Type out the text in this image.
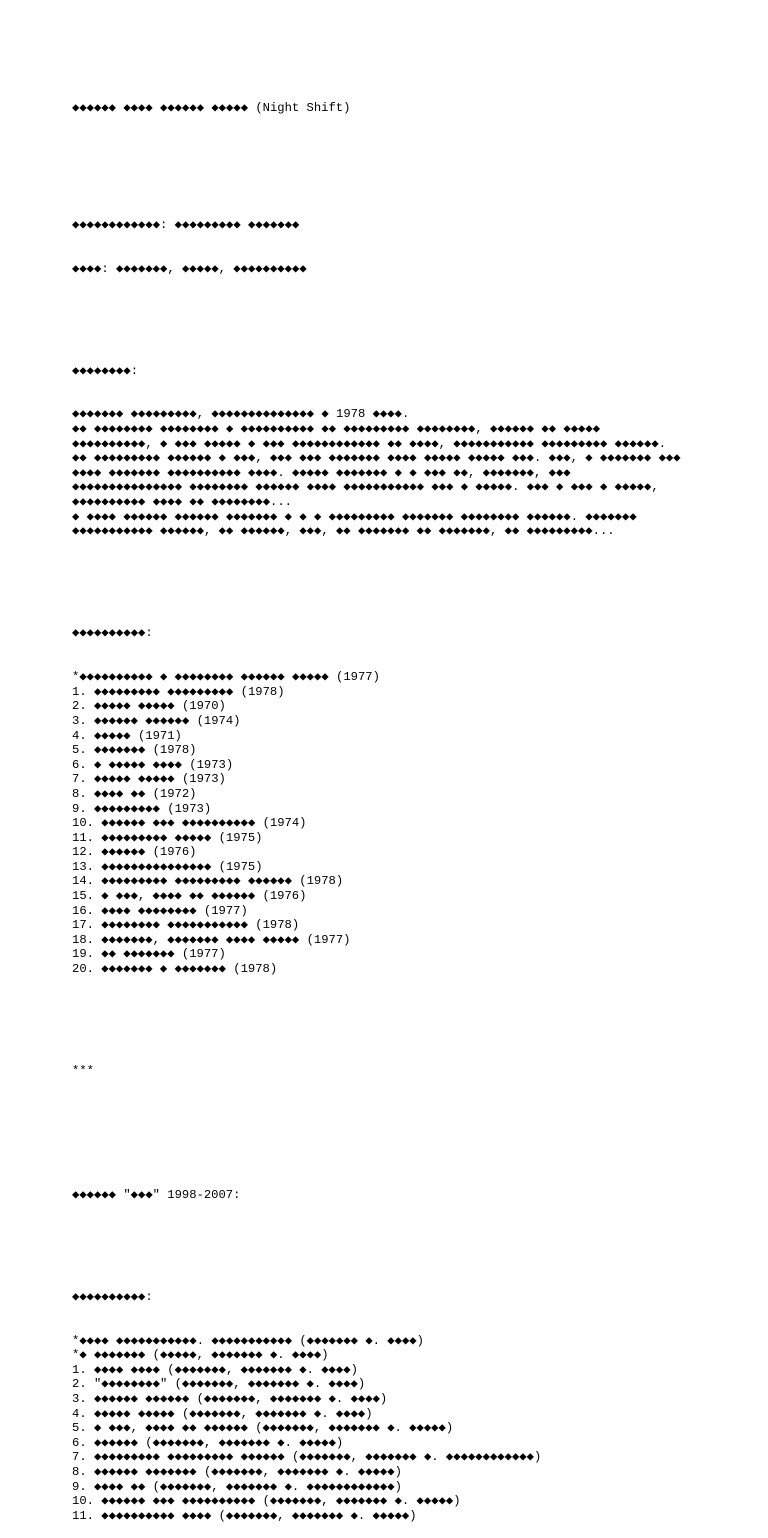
◆◆◆◆◆◆ ◆◆◆◆ ◆◆◆◆◆◆ ◆◆◆◆◆ (Night Shift)

◆◆◆◆◆◆◆◆◆◆◆◆: ◆◆◆◆◆◆◆◆◆ ◆◆◆◆◆◆◆

◆◆◆◆: ◆◆◆◆◆◆◆, ◆◆◆◆◆, ◆◆◆◆◆◆◆◆◆◆

◆◆◆◆◆◆◆◆:

◆◆◆◆◆◆◆ ◆◆◆◆◆◆◆◆◆, ◆◆◆◆◆◆◆◆◆◆◆◆◆◆ ◆ 1978 ◆◆◆◆.
◆◆ ◆◆◆◆◆◆◆◆ ◆◆◆◆◆◆◆◆ ◆ ◆◆◆◆◆◆◆◆◆◆ ◆◆ ◆◆◆◆◆◆◆◆◆ ◆◆◆◆◆◆◆◆, ◆◆◆◆◆◆ ◆◆ ◆◆◆◆◆
◆◆◆◆◆◆◆◆◆◆, ◆ ◆◆◆ ◆◆◆◆◆ ◆ ◆◆◆ ◆◆◆◆◆◆◆◆◆◆◆◆ ◆◆ ◆◆◆◆, ◆◆◆◆◆◆◆◆◆◆◆ ◆◆◆◆◆◆◆◆◆ ◆◆◆◆◆◆.
◆◆ ◆◆◆◆◆◆◆◆◆ ◆◆◆◆◆◆ ◆ ◆◆◆, ◆◆◆ ◆◆◆ ◆◆◆◆◆◆◆ ◆◆◆◆ ◆◆◆◆◆ ◆◆◆◆◆ ◆◆◆. ◆◆◆, ◆ ◆◆◆◆◆◆◆ ◆◆◆
◆◆◆◆ ◆◆◆◆◆◆◆ ◆◆◆◆◆◆◆◆◆◆ ◆◆◆◆. ◆◆◆◆◆ ◆◆◆◆◆◆◆ ◆ ◆ ◆◆◆ ◆◆, ◆◆◆◆◆◆◆, ◆◆◆
◆◆◆◆◆◆◆◆◆◆◆◆◆◆◆ ◆◆◆◆◆◆◆◆ ◆◆◆◆◆◆ ◆◆◆◆ ◆◆◆◆◆◆◆◆◆◆◆ ◆◆◆ ◆ ◆◆◆◆◆. ◆◆◆ ◆ ◆◆◆ ◆ ◆◆◆◆◆,
◆◆◆◆◆◆◆◆◆◆ ◆◆◆◆ ◆◆ ◆◆◆◆◆◆◆◆...
◆ ◆◆◆◆ ◆◆◆◆◆◆ ◆◆◆◆◆◆ ◆◆◆◆◆◆◆ ◆ ◆ ◆ ◆◆◆◆◆◆◆◆◆ ◆◆◆◆◆◆◆ ◆◆◆◆◆◆◆◆ ◆◆◆◆◆◆. ◆◆◆◆◆◆◆
◆◆◆◆◆◆◆◆◆◆◆ ◆◆◆◆◆◆, ◆◆ ◆◆◆◆◆◆, ◆◆◆, ◆◆ ◆◆◆◆◆◆◆ ◆◆ ◆◆◆◆◆◆◆, ◆◆ ◆◆◆◆◆◆◆◆◆...

◆◆◆◆◆◆◆◆◆◆:

*◆◆◆◆◆◆◆◆◆◆ ◆ ◆◆◆◆◆◆◆◆ ◆◆◆◆◆◆ ◆◆◆◆◆ (1977)
1. ◆◆◆◆◆◆◆◆◆ ◆◆◆◆◆◆◆◆◆ (1978)
2. ◆◆◆◆◆ ◆◆◆◆◆ (1970)
3. ◆◆◆◆◆◆ ◆◆◆◆◆◆ (1974)
4. ◆◆◆◆◆ (1971)
5. ◆◆◆◆◆◆◆ (1978)
6. ◆ ◆◆◆◆◆ ◆◆◆◆ (1973)
7. ◆◆◆◆◆ ◆◆◆◆◆ (1973)
8. ◆◆◆◆ ◆◆ (1972)
9. ◆◆◆◆◆◆◆◆◆ (1973)
10. ◆◆◆◆◆◆ ◆◆◆ ◆◆◆◆◆◆◆◆◆◆ (1974)
11. ◆◆◆◆◆◆◆◆◆ ◆◆◆◆◆ (1975)
12. ◆◆◆◆◆◆ (1976)
13. ◆◆◆◆◆◆◆◆◆◆◆◆◆◆◆ (1975)
14. ◆◆◆◆◆◆◆◆◆ ◆◆◆◆◆◆◆◆◆ ◆◆◆◆◆◆ (1978)
15. ◆ ◆◆◆, ◆◆◆◆ ◆◆ ◆◆◆◆◆◆ (1976)
16. ◆◆◆◆ ◆◆◆◆◆◆◆◆ (1977)
17. ◆◆◆◆◆◆◆◆ ◆◆◆◆◆◆◆◆◆◆◆ (1978)
18. ◆◆◆◆◆◆◆, ◆◆◆◆◆◆◆ ◆◆◆◆ ◆◆◆◆◆ (1977)
19. ◆◆ ◆◆◆◆◆◆◆ (1977)
20. ◆◆◆◆◆◆◆ ◆ ◆◆◆◆◆◆◆ (1978)

***

◆◆◆◆◆◆ "◆◆◆" 1998-2007:

◆◆◆◆◆◆◆◆◆◆:

*◆◆◆◆ ◆◆◆◆◆◆◆◆◆◆◆. ◆◆◆◆◆◆◆◆◆◆◆ (◆◆◆◆◆◆◆ ◆. ◆◆◆◆)
*◆ ◆◆◆◆◆◆◆ (◆◆◆◆◆, ◆◆◆◆◆◆◆ ◆. ◆◆◆◆)
1. ◆◆◆◆ ◆◆◆◆ (◆◆◆◆◆◆◆, ◆◆◆◆◆◆◆ ◆. ◆◆◆◆)
2. "◆◆◆◆◆◆◆◆" (◆◆◆◆◆◆◆, ◆◆◆◆◆◆◆ ◆. ◆◆◆◆)
3. ◆◆◆◆◆◆ ◆◆◆◆◆◆ (◆◆◆◆◆◆◆, ◆◆◆◆◆◆◆ ◆. ◆◆◆◆)
4. ◆◆◆◆◆ ◆◆◆◆◆ (◆◆◆◆◆◆◆, ◆◆◆◆◆◆◆ ◆. ◆◆◆◆)
5. ◆ ◆◆◆, ◆◆◆◆ ◆◆ ◆◆◆◆◆◆ (◆◆◆◆◆◆◆, ◆◆◆◆◆◆◆ ◆. ◆◆◆◆◆)
6. ◆◆◆◆◆◆ (◆◆◆◆◆◆◆, ◆◆◆◆◆◆◆ ◆. ◆◆◆◆◆)
7. ◆◆◆◆◆◆◆◆◆ ◆◆◆◆◆◆◆◆◆ ◆◆◆◆◆◆ (◆◆◆◆◆◆◆, ◆◆◆◆◆◆◆ ◆. ◆◆◆◆◆◆◆◆◆◆◆◆)
8. ◆◆◆◆◆◆ ◆◆◆◆◆◆◆ (◆◆◆◆◆◆◆, ◆◆◆◆◆◆◆ ◆. ◆◆◆◆◆)
9. ◆◆◆◆ ◆◆ (◆◆◆◆◆◆◆, ◆◆◆◆◆◆◆ ◆. ◆◆◆◆◆◆◆◆◆◆◆◆)
10. ◆◆◆◆◆◆ ◆◆◆ ◆◆◆◆◆◆◆◆◆◆ (◆◆◆◆◆◆◆, ◆◆◆◆◆◆◆ ◆. ◆◆◆◆◆)
11. ◆◆◆◆◆◆◆◆◆◆ ◆◆◆◆ (◆◆◆◆◆◆◆, ◆◆◆◆◆◆◆ ◆. ◆◆◆◆◆)
